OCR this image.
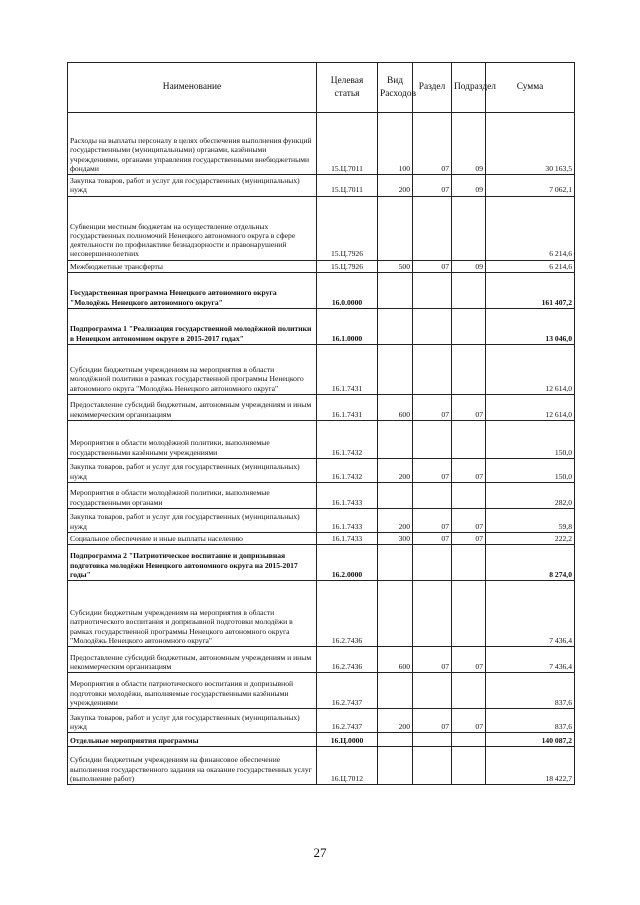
Наименование	Целевая статья	Вид Расходов	Раздел	Подраздел	Сумма
Расходы на выплаты персоналу в целях обеспечения выполнения функций государственными (муниципальными) органами, казёнными учреждениями, органами управления государственными внебюджетными фондами	15.Ц.7011	100	07	09	30 163,5
Закупка товаров, работ и услуг для государственных (муниципальных) нужд	15.Ц.7011	200	07	09	7 062,1
Субвенции местным бюджетам на осуществление отдельных государственных полномочий Ненецкого автономного округа в сфере деятельности по профилактике безнадзорности и правонарушений несовершеннолетних	15.Ц.7926				6 214,6
Межбюджетные трансферты	15.Ц.7926	500	07	09	6 214,6
Государственная программа Ненецкого автономного округа "Молодёжь Ненецкого автономного округа"	16.0.0000				161 407,2
Подпрограмма 1 "Реализация государственной молодёжной политики в Ненецком автономном округе в 2015-2017 годах"	16.1.0000				13 046,0
Субсидии бюджетным учреждениям на мероприятия в области молодёжной политики в рамках государственной программы Ненецкого автономного округа "Молодёжь Ненецкого автономного округа"	16.1.7431				12 614,0
Предоставление субсидий бюджетным, автономным учреждениям и иным некоммерческим организациям	16.1.7431	600	07	07	12 614,0
Мероприятия в области молодёжной политики, выполняемые государственными казёнными учреждениями	16.1.7432				150,0
Закупка товаров, работ и услуг для государственных (муниципальных) нужд	16.1.7432	200	07	07	150,0
Мероприятия в области молодёжной политики, выполняемые государственными органами	16.1.7433				282,0
Закупка товаров, работ и услуг для государственных (муниципальных) нужд	16.1.7433	200	07	07	59,8
Социальное обеспечение и иные выплаты населению	16.1.7433	300	07	07	222,2
Подпрограмма 2 "Патриотическое воспитание и допризывная подготовка молодёжи Ненецкого автономного округа на 2015-2017 годы"	16.2.0000				8 274,0
Субсидии бюджетным учреждениям на мероприятия в области патриотического воспитания и допризывной подготовки молодёжи в рамках государственной программы Ненецкого автономного округа "Молодёжь Ненецкого автономного округа"	16.2.7436				7 436,4
Предоставление субсидий бюджетным, автономным учреждениям и иным некоммерческим организациям	16.2.7436	600	07	07	7 436,4
Мероприятия в области патриотического воспитания и допризывной подготовки молодёжи, выполняемые государственными казёнными учреждениями	16.2.7437				837,6
Закупка товаров, работ и услуг для государственных (муниципальных) нужд	16.2.7437	200	07	07	837,6
Отдельные мероприятия программы	16.Ц.0000				140 087,2
Субсидии бюджетным учреждениям на финансовое обеспечение выполнения государственного задания на оказание государственных услуг (выполнение работ)	16.Ц.7012				18 422,7
27
